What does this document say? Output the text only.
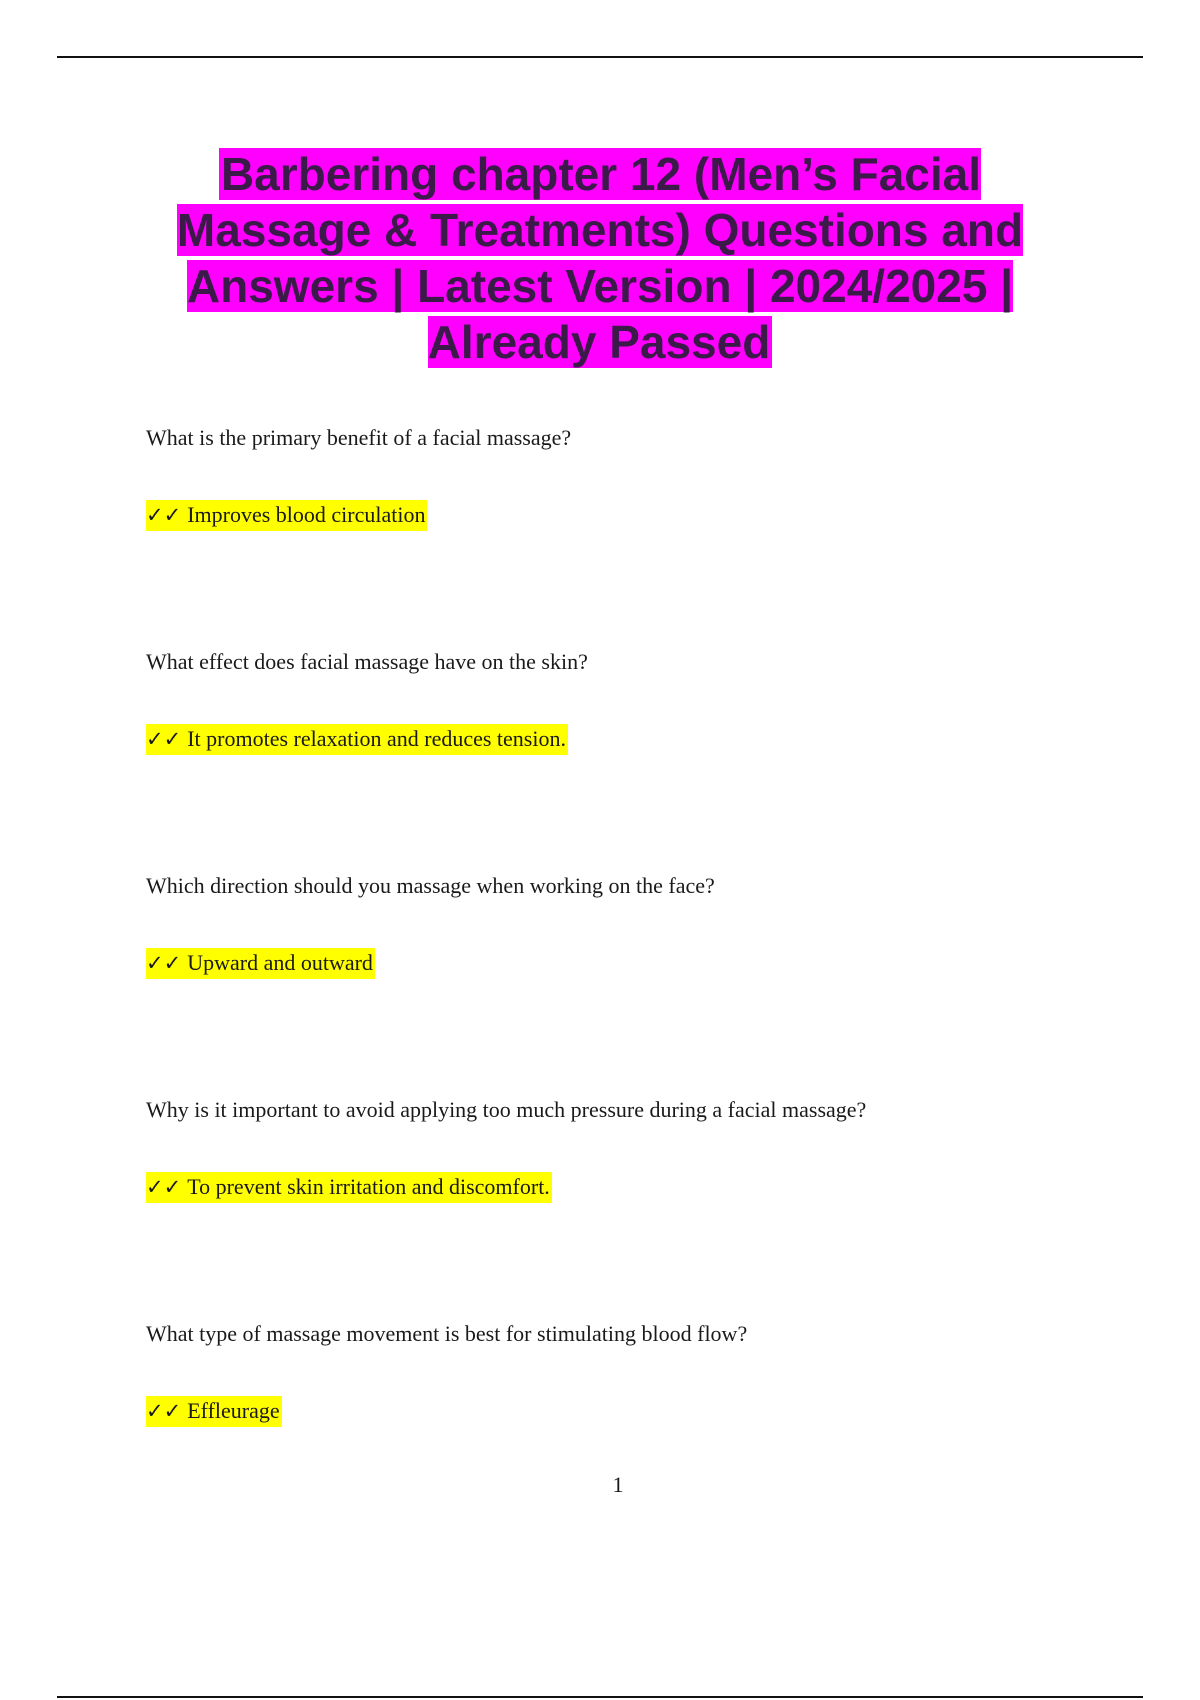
Barbering chapter 12 (Men’s Facial Massage & Treatments) Questions and Answers | Latest Version | 2024/2025 | Already Passed
What is the primary benefit of a facial massage?
✓✓ Improves blood circulation
What effect does facial massage have on the skin?
✓✓ It promotes relaxation and reduces tension.
Which direction should you massage when working on the face?
✓✓ Upward and outward
Why is it important to avoid applying too much pressure during a facial massage?
✓✓ To prevent skin irritation and discomfort.
What type of massage movement is best for stimulating blood flow?
✓✓ Effleurage
1
